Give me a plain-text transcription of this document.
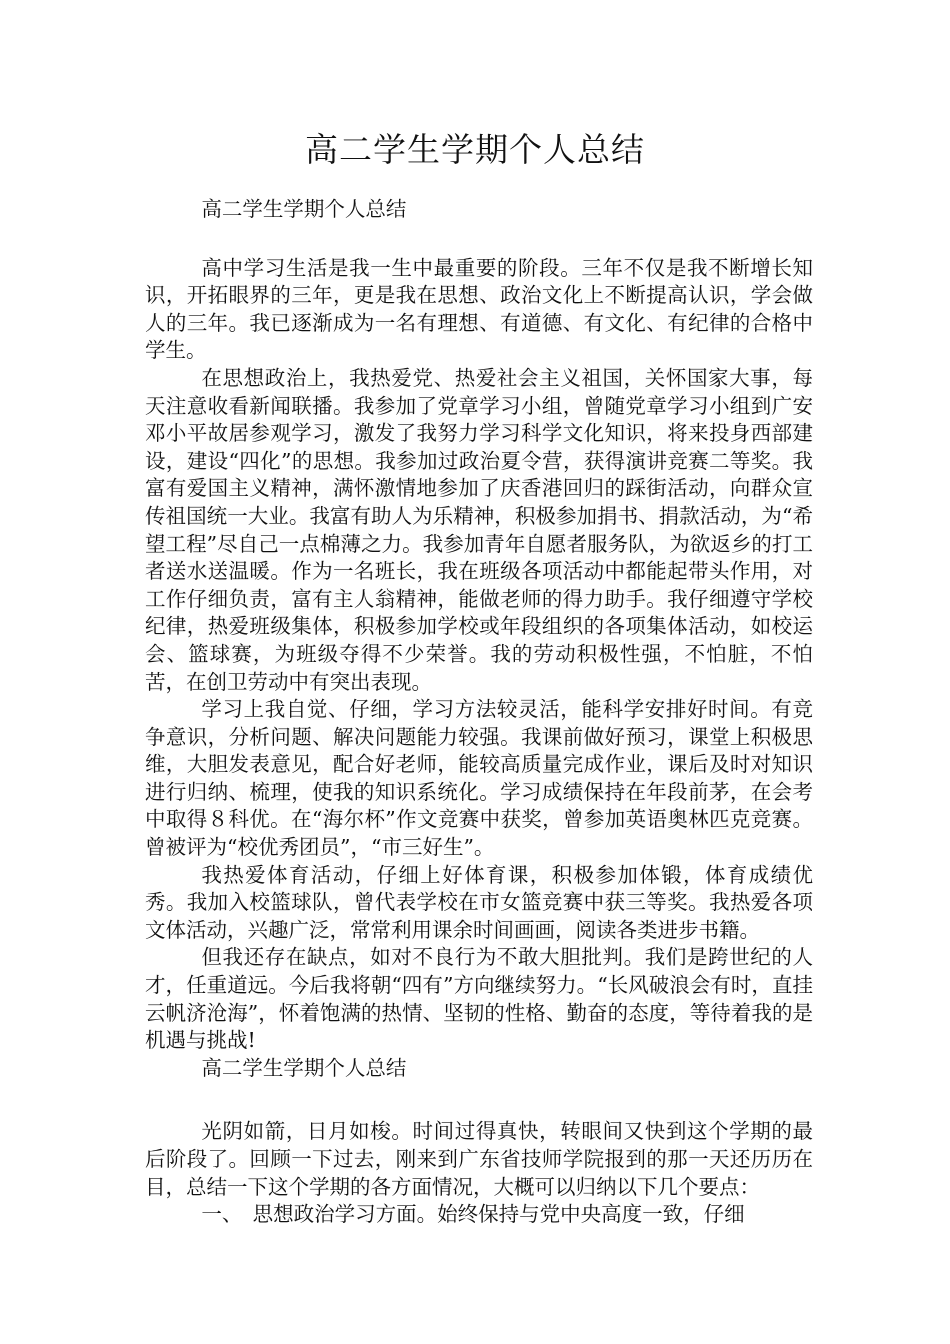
高二学生学期个人总结

高二学生学期个人总结

高中学习生活是我一生中最重要的阶段。三年不仅是我不断增长知识，开拓眼界的三年，更是我在思想、政治文化上不断提高认识，学会做人的三年。我已逐渐成为一名有理想、有道德、有文化、有纪律的合格中学生。

在思想政治上，我热爱党、热爱社会主义祖国，关怀国家大事，每天注意收看新闻联播。我参加了党章学习小组，曾随党章学习小组到广安邓小平故居参观学习，激发了我努力学习科学文化知识，将来投身西部建设，建设“四化”的思想。我参加过政治夏令营，获得演讲竞赛二等奖。我富有爱国主义精神，满怀激情地参加了庆香港回归的踩街活动，向群众宣传祖国统一大业。我富有助人为乐精神，积极参加捐书、捐款活动，为“希望工程”尽自己一点棉薄之力。我参加青年自愿者服务队，为欲返乡的打工者送水送温暖。作为一名班长，我在班级各项活动中都能起带头作用，对工作仔细负责，富有主人翁精神，能做老师的得力助手。我仔细遵守学校纪律，热爱班级集体，积极参加学校或年段组织的各项集体活动，如校运会、篮球赛，为班级夺得不少荣誉。我的劳动积极性强，不怕脏，不怕苦，在创卫劳动中有突出表现。

学习上我自觉、仔细，学习方法较灵活，能科学安排好时间。有竞争意识，分析问题、解决问题能力较强。我课前做好预习，课堂上积极思维，大胆发表意见，配合好老师，能较高质量完成作业，课后及时对知识进行归纳、梳理，使我的知识系统化。学习成绩保持在年段前茅，在会考中取得８科优。在“海尔杯”作文竞赛中获奖，曾参加英语奥林匹克竞赛。曾被评为“校优秀团员”，“市三好生”。

我热爱体育活动，仔细上好体育课，积极参加体锻，体育成绩优秀。我加入校篮球队，曾代表学校在市女篮竞赛中获三等奖。我热爱各项文体活动，兴趣广泛，常常利用课余时间画画，阅读各类进步书籍。

但我还存在缺点，如对不良行为不敢大胆批判。我们是跨世纪的人才，任重道远。今后我将朝“四有”方向继续努力。“长风破浪会有时，直挂云帆济沧海”，怀着饱满的热情、坚韧的性格、勤奋的态度，等待着我的是机遇与挑战!

高二学生学期个人总结

光阴如箭，日月如梭。时间过得真快，转眼间又快到这个学期的最后阶段了。回顾一下过去，刚来到广东省技师学院报到的那一天还历历在目，总结一下这个学期的各方面情况，大概可以归纳以下几个要点：

一、　思想政治学习方面。始终保持与党中央高度一致，仔细
